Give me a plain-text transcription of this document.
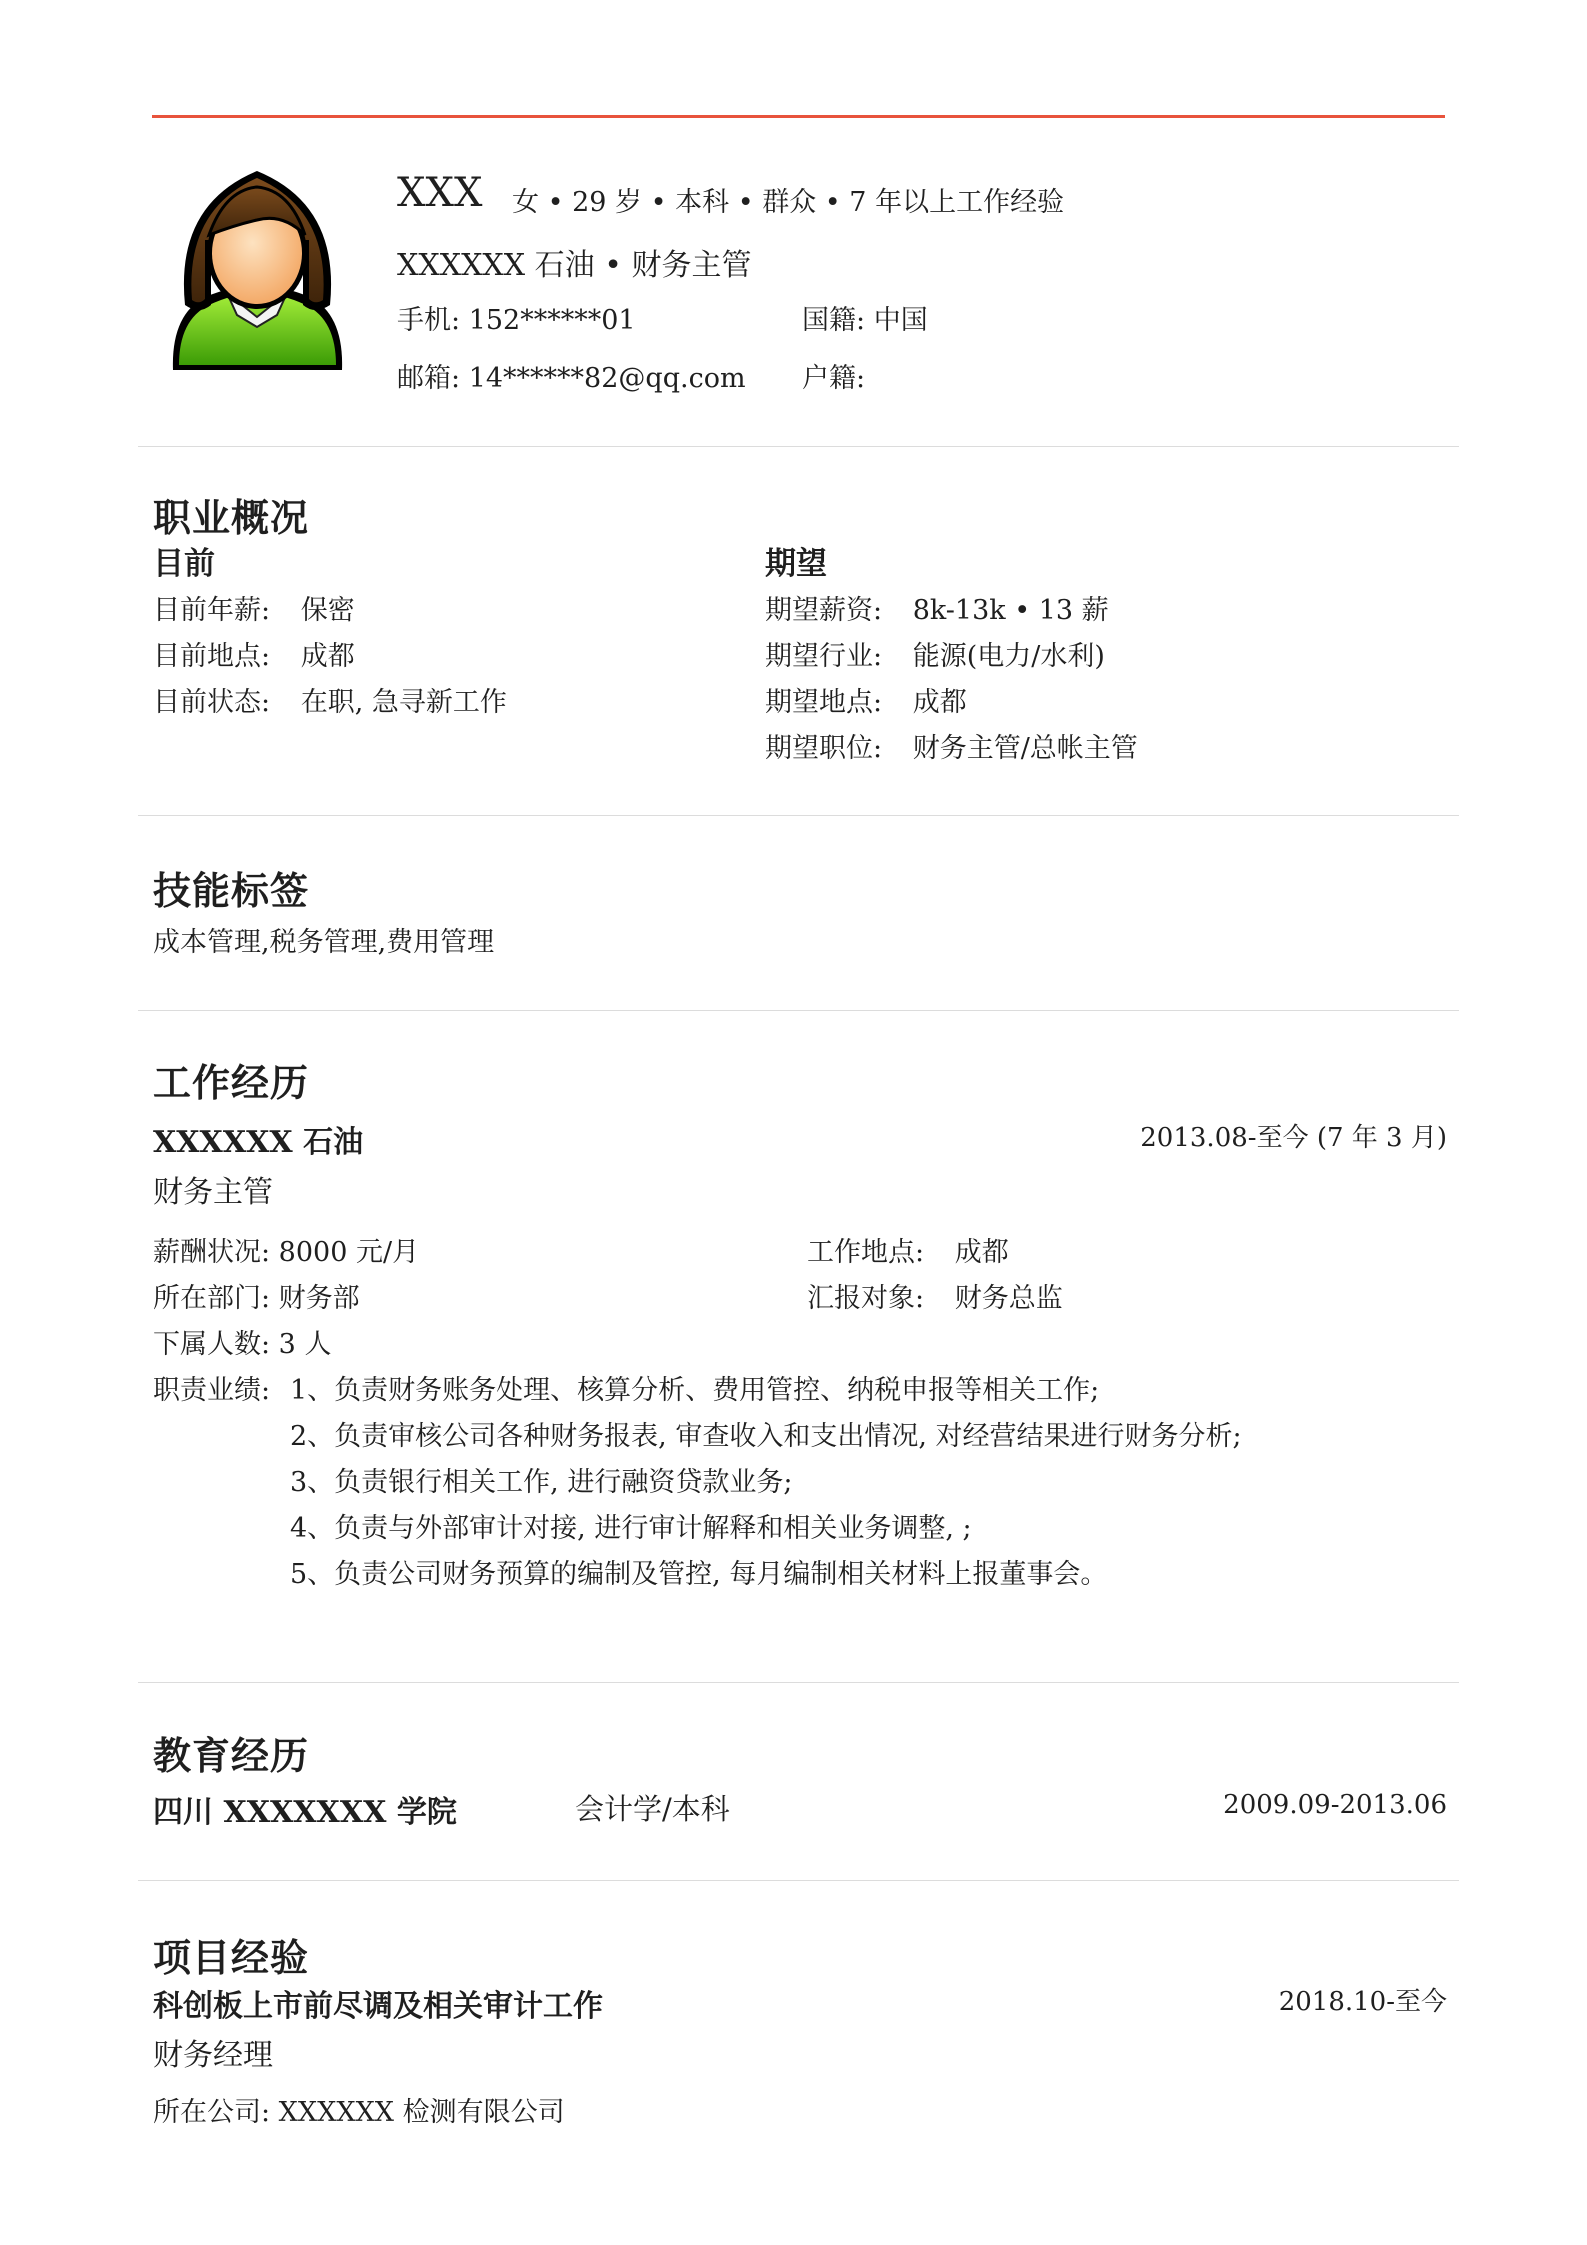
XXX 女 • 29 岁 • 本科 • 群众 • 7 年以上工作经验
XXXXXX 石油 • 财务主管
手机: 152******01	国籍: 中国
邮箱: 14******82@qq.com 户籍:
职业概况
目前	期望
目前年薪: 保密
目前地点: 成都
目前状态: 在职, 急寻新工作
期望薪资: 8k-13k • 13 薪
期望行业: 能源(电力/水利)
期望地点: 成都
期望职位: 财务主管/总帐主管
技能标签
成本管理,税务管理,费用管理
工作经历
XXXXXX 石油	2013.08-至今 (7 年 3 月)
财务主管
薪酬状况: 8000 元/月	工作地点: 成都
所在部门: 财务部	汇报对象: 财务总监
下属人数: 3 人
职责业绩: 1、负责财务账务处理、核算分析、费用管控、纳税申报等相关工作;
2、负责审核公司各种财务报表, 审查收入和支出情况, 对经营结果进行财务分析;
3、负责银行相关工作, 进行融资贷款业务;
4、负责与外部审计对接, 进行审计解释和相关业务调整, ;
5、负责公司财务预算的编制及管控, 每月编制相关材料上报董事会。
教育经历
四川 XXXXXXX 学院	会计学/本科	2009.09-2013.06
项目经验
科创板上市前尽调及相关审计工作	2018.10-至今
财务经理
所在公司: XXXXXX 检测有限公司
